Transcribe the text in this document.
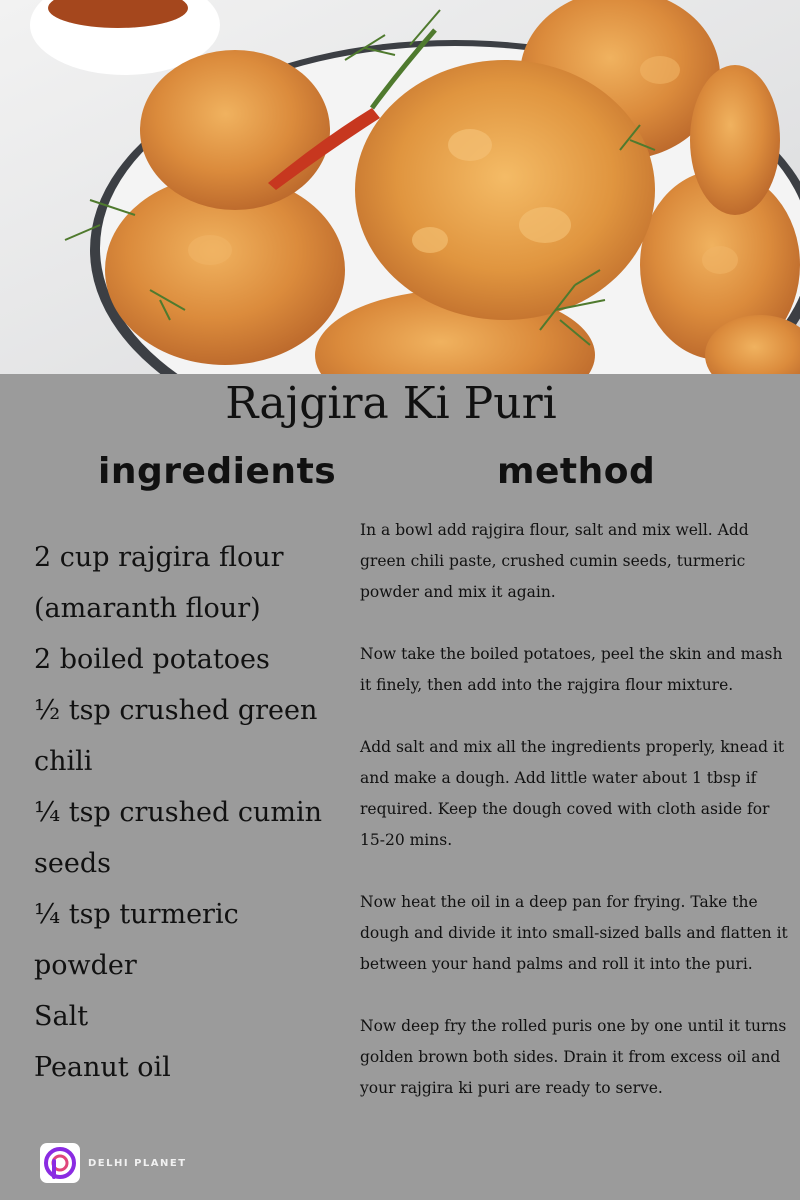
Rajgira Ki Puri
ingredients	method
2 cup rajgira flour
(amaranth flour)
2 boiled potatoes
½ tsp crushed green
chili
¼ tsp crushed cumin
seeds
¼ tsp turmeric
powder
Salt
Peanut oil

In a bowl add rajgira flour, salt and mix well. Add green chili paste, crushed cumin seeds, turmeric powder and mix it again.

Now take the boiled potatoes, peel the skin and mash it finely, then add into the rajgira flour mixture.

Add salt and mix all the ingredients properly, knead it and make a dough. Add little water about 1 tbsp if required. Keep the dough coved with cloth aside for 15-20 mins.

Now heat the oil in a deep pan for frying. Take the dough and divide it into small-sized balls and flatten it between your hand palms and roll it into the puri.

Now deep fry the rolled puris one by one until it turns golden brown both sides. Drain it from excess oil and your rajgira ki puri are ready to serve.

DELHI PLANET
